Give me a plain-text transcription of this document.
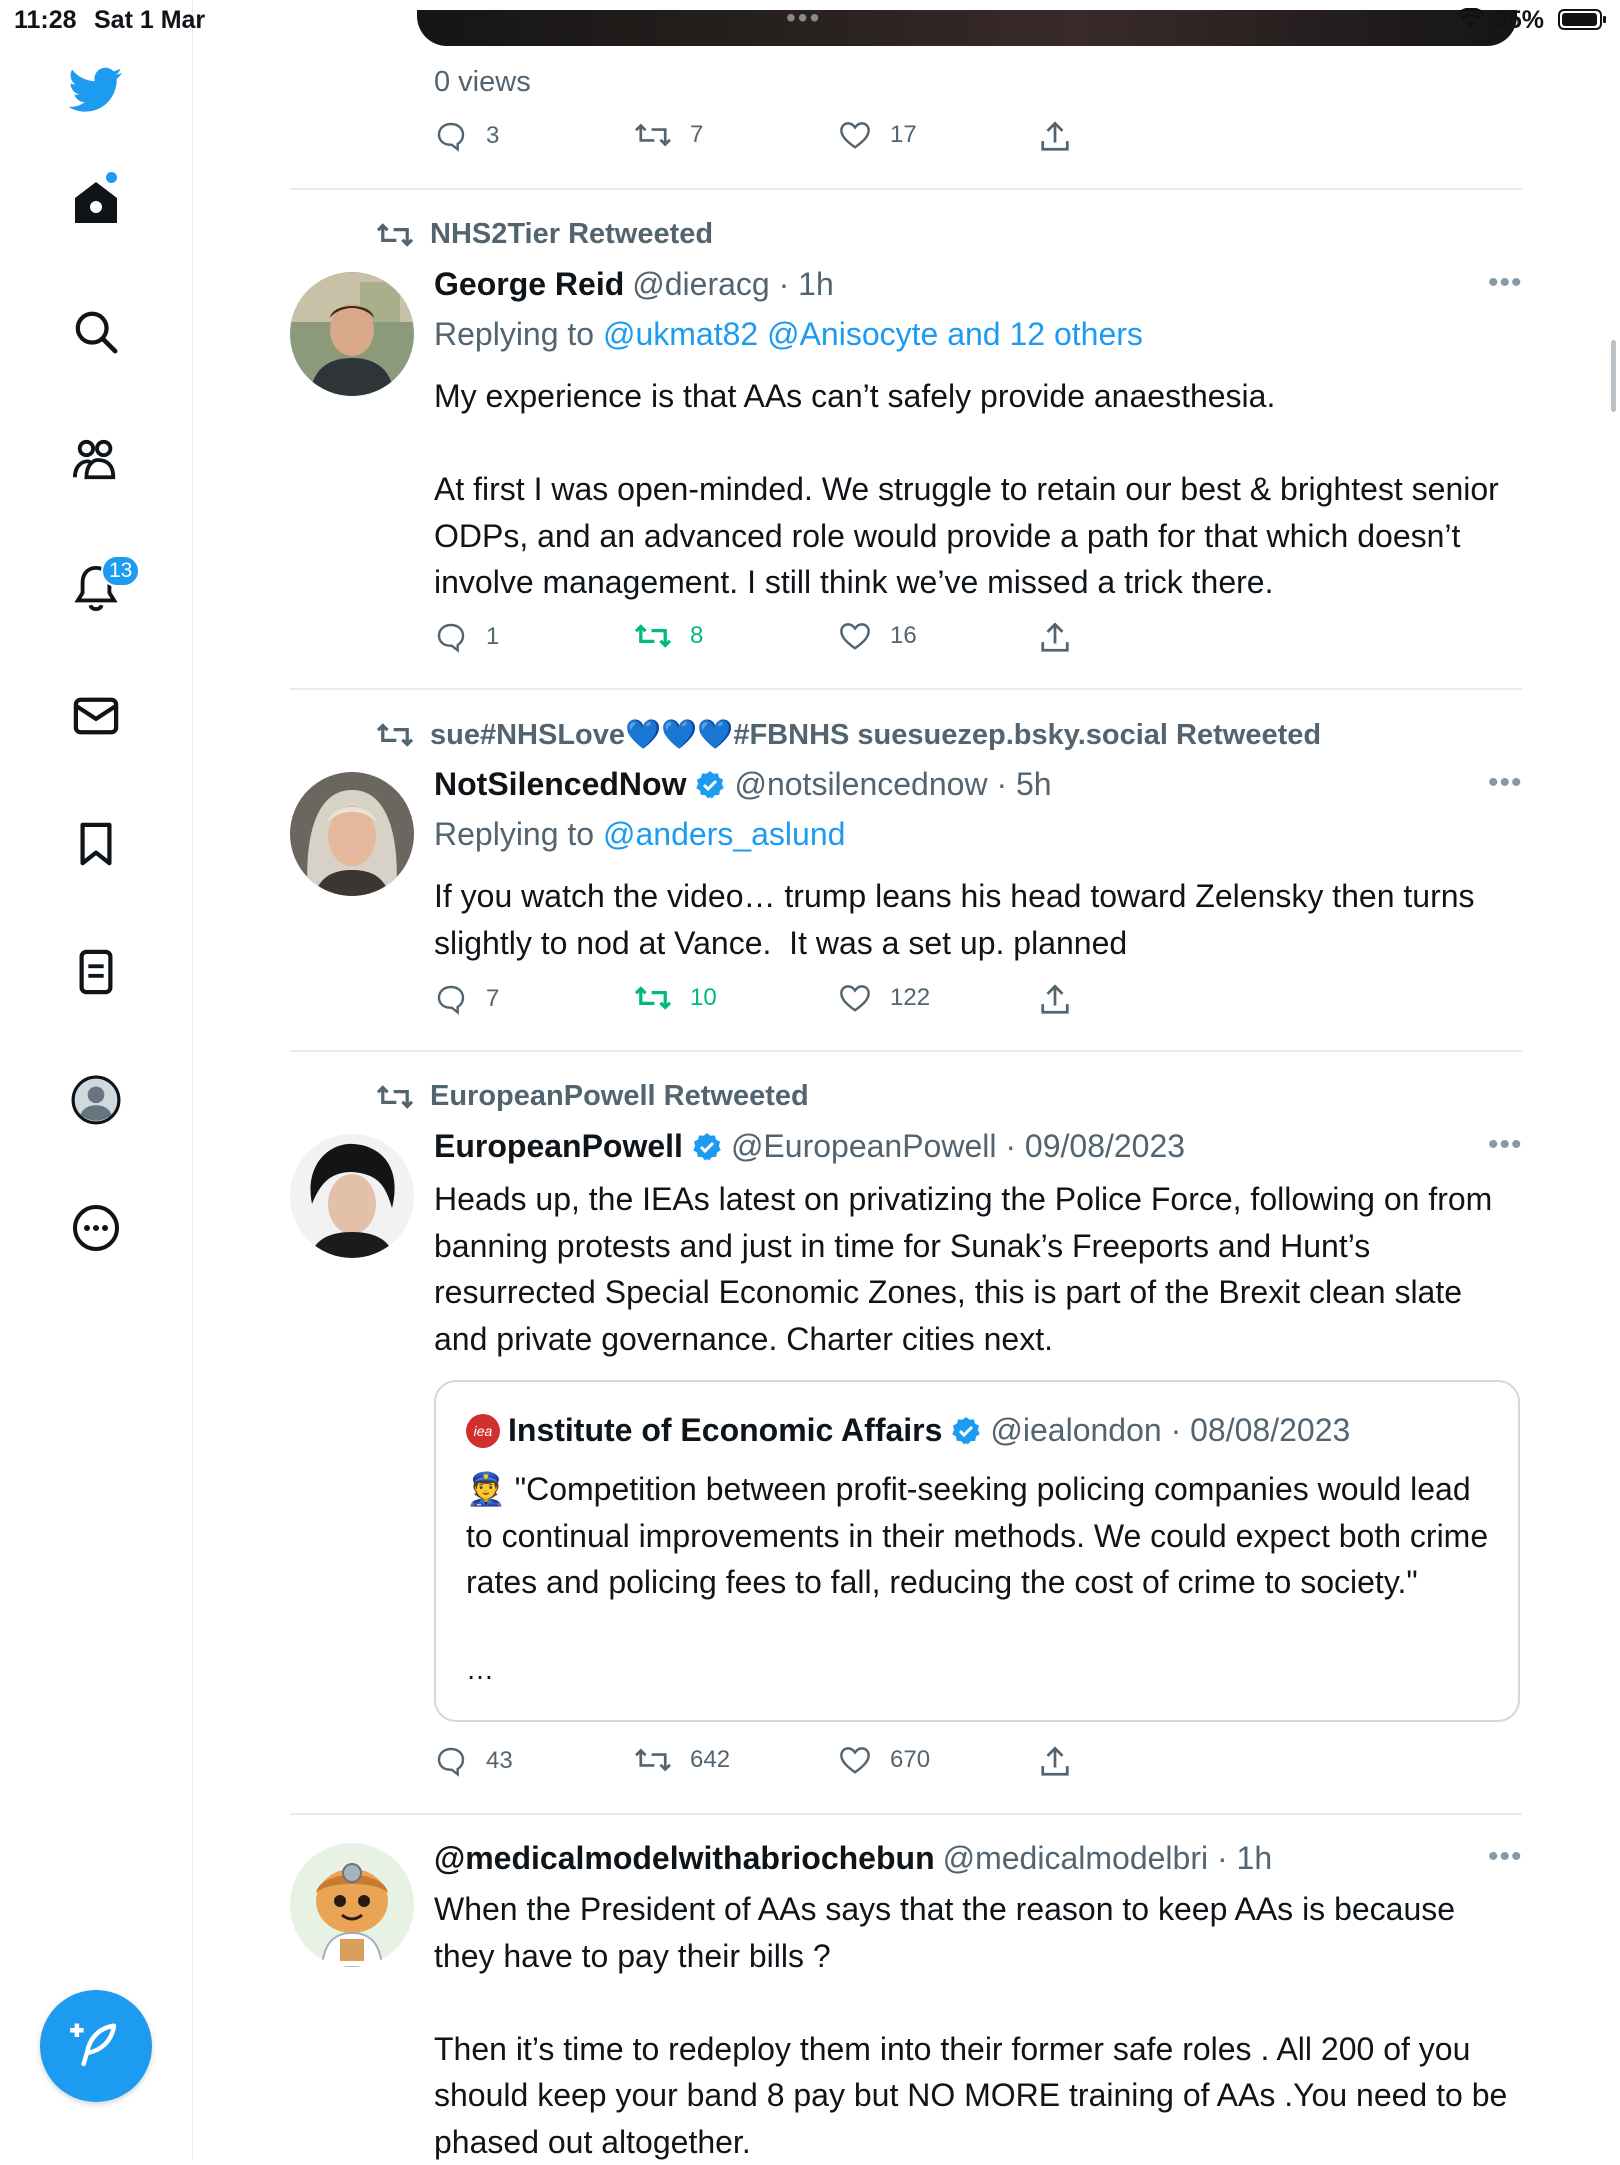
11:28 Sat 1 Mar	•••	95%
13
0 views
3	7	17
NHS2Tier Retweeted
George Reid @dieracg · 1h	•••
Replying to @ukmat82 @Anisocyte and 12 others
My experience is that AAs can’t safely provide anaesthesia.

At first I was open-minded. We struggle to retain our best & brightest senior ODPs, and an advanced role would provide a path for that which doesn’t involve management. I still think we’ve missed a trick there.
1	8	16
sue#NHSLove💙💙💙#FBNHS suesuezep.bsky.social Retweeted
NotSilencedNow @notsilencednow · 5h	•••
Replying to @anders_aslund
If you watch the video… trump leans his head toward Zelensky then turns slightly to nod at Vance.  It was a set up. planned
7	10	122
EuropeanPowell Retweeted
EuropeanPowell @EuropeanPowell · 09/08/2023	•••
Heads up, the IEAs latest on privatizing the Police Force, following on from banning protests and just in time for Sunak’s Freeports and Hunt’s resurrected Special Economic Zones, this is part of the Brexit clean slate and private governance. Charter cities next.
iea Institute of Economic Affairs @iealondon · 08/08/2023
👮 "Competition between profit-seeking policing companies would lead to continual improvements in their methods. We could expect both crime rates and policing fees to fall, reducing the cost of crime to society."
…
43	642	670
@medicalmodelwithabriochebun @medicalmodelbri · 1h	•••
When the President of AAs says that the reason to keep AAs is because they have to pay their bills ?

Then it’s time to redeploy them into their former safe roles . All 200 of you should keep your band 8 pay but NO MORE training of AAs .You need to be phased out altogether.
